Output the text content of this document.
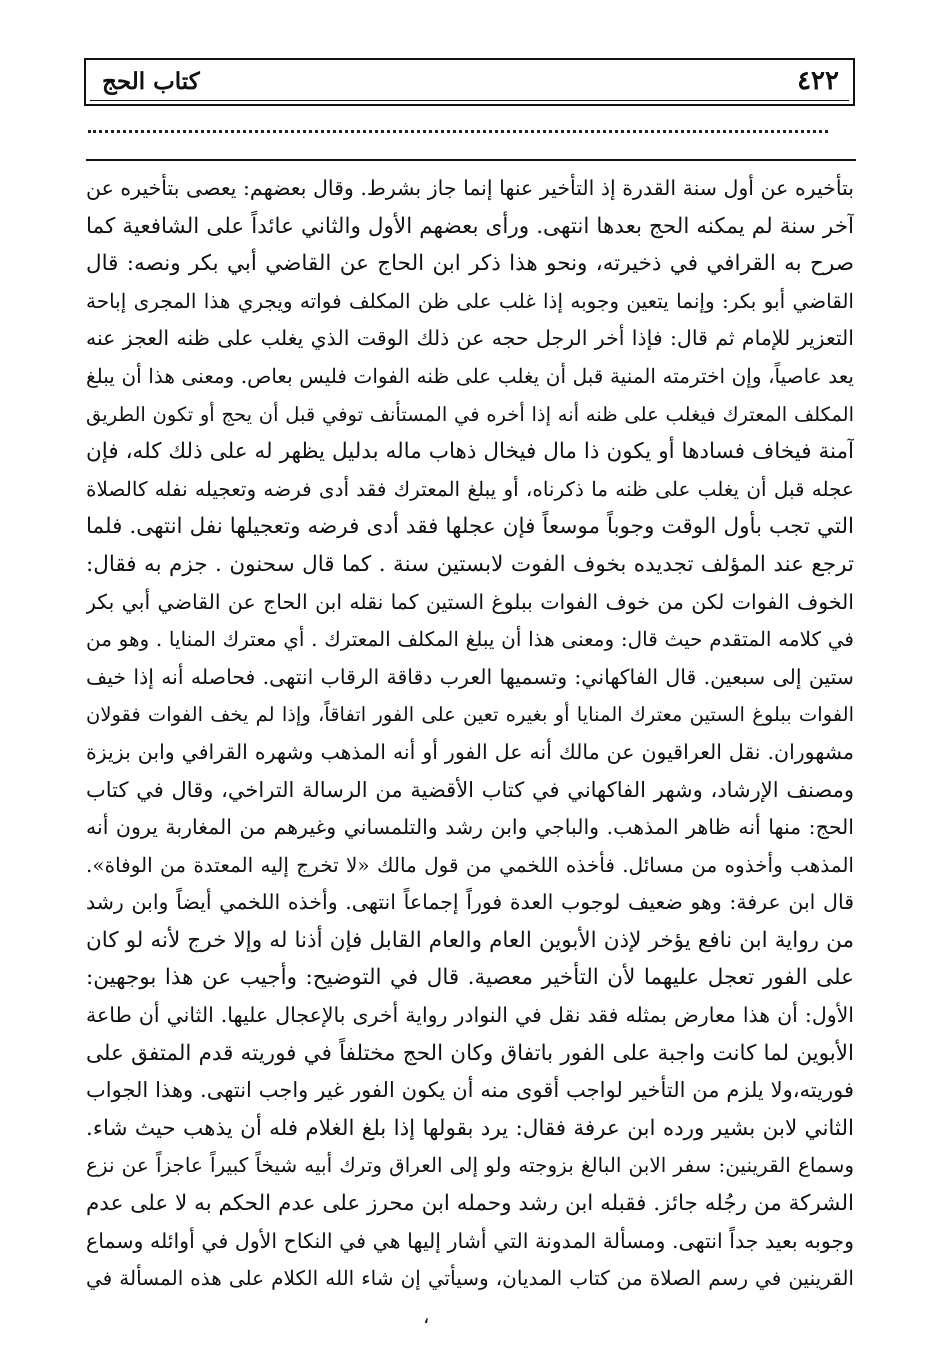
٤٢٢
كتاب الحج
بتأخيره عن أول سنة القدرة إذ التأخير عنها إنما جاز بشرط. وقال بعضهم: يعصى بتأخيره عن
آخر سنة لم يمكنه الحج بعدها انتهى. ورأى بعضهم الأول والثاني عائداً على الشافعية كما
صرح به القرافي في ذخيرته، ونحو هذا ذكر ابن الحاج عن القاضي أبي بكر ونصه: قال
القاضي أبو بكر: وإنما يتعين وجوبه إذا غلب على ظن المكلف فواته ويجري هذا المجرى إباحة
التعزير للإمام ثم قال: فإذا أخر الرجل حجه عن ذلك الوقت الذي يغلب على ظنه العجز عنه
يعد عاصياً، وإن اخترمته المنية قبل أن يغلب على ظنه الفوات فليس بعاص. ومعنى هذا أن يبلغ
المكلف المعترك فيغلب على ظنه أنه إذا أخره في المستأنف توفي قبل أن يحج أو تكون الطريق
آمنة فيخاف فسادها أو يكون ذا مال فيخال ذهاب ماله بدليل يظهر له على ذلك كله، فإن
عجله قبل أن يغلب على ظنه ما ذكرناه، أو يبلغ المعترك فقد أدى فرضه وتعجيله نفله كالصلاة
التي تجب بأول الوقت وجوباً موسعاً فإن عجلها فقد أدى فرضه وتعجيلها نفل انتهى. فلما
ترجع عند المؤلف تجديده بخوف الفوت لابستين سنة . كما قال سحنون . جزم به فقال:
الخوف الفوات لكن من خوف الفوات ببلوغ الستين كما نقله ابن الحاج عن القاضي أبي بكر
في كلامه المتقدم حيث قال: ومعنى هذا أن يبلغ المكلف المعترك . أي معترك المنايا . وهو من
ستين إلى سبعين. قال الفاكهاني: وتسميها العرب دقاقة الرقاب انتهى. فحاصله أنه إذا خيف
الفوات ببلوغ الستين معترك المنايا أو بغيره تعين على الفور اتفاقاً، وإذا لم يخف الفوات فقولان
مشهوران. نقل العراقيون عن مالك أنه عل الفور أو أنه المذهب وشهره القرافي وابن بزيزة
ومصنف الإرشاد، وشهر الفاكهاني في كتاب الأقضية من الرسالة التراخي، وقال في كتاب
الحج: منها أنه ظاهر المذهب. والباجي وابن رشد والتلمساني وغيرهم من المغاربة يرون أنه
المذهب وأخذوه من مسائل. فأخذه اللخمي من قول مالك «لا تخرج إليه المعتدة من الوفاة».
قال ابن عرفة: وهو ضعيف لوجوب العدة فوراً إجماعاً انتهى. وأخذه اللخمي أيضاً وابن رشد
من رواية ابن نافع يؤخر لإذن الأبوين العام والعام القابل فإن أذنا له وإلا خرج لأنه لو كان
على الفور تعجل عليهما لأن التأخير معصية. قال في التوضيح: وأجيب عن هذا بوجهين:
الأول: أن هذا معارض بمثله فقد نقل في النوادر رواية أخرى بالإعجال عليها. الثاني أن طاعة
الأبوين لما كانت واجبة على الفور باتفاق وكان الحج مختلفاً في فوريته قدم المتفق على
فوريته،ولا يلزم من التأخير لواجب أقوى منه أن يكون الفور غير واجب انتهى. وهذا الجواب
الثاني لابن بشير ورده ابن عرفة فقال: يرد بقولها إذا بلغ الغلام فله أن يذهب حيث شاء.
وسماع القرينين: سفر الابن البالغ بزوجته ولو إلى العراق وترك أبيه شيخاً كبيراً عاجزاً عن نزع
الشركة من رجُله جائز. فقبله ابن رشد وحمله ابن محرز على عدم الحكم به لا على عدم
وجوبه بعيد جداً انتهى. ومسألة المدونة التي أشار إليها هي في النكاح الأول في أوائله وسماع
القرينين في رسم الصلاة من كتاب المديان، وسيأتي إن شاء الله الكلام على هذه المسألة في
،
